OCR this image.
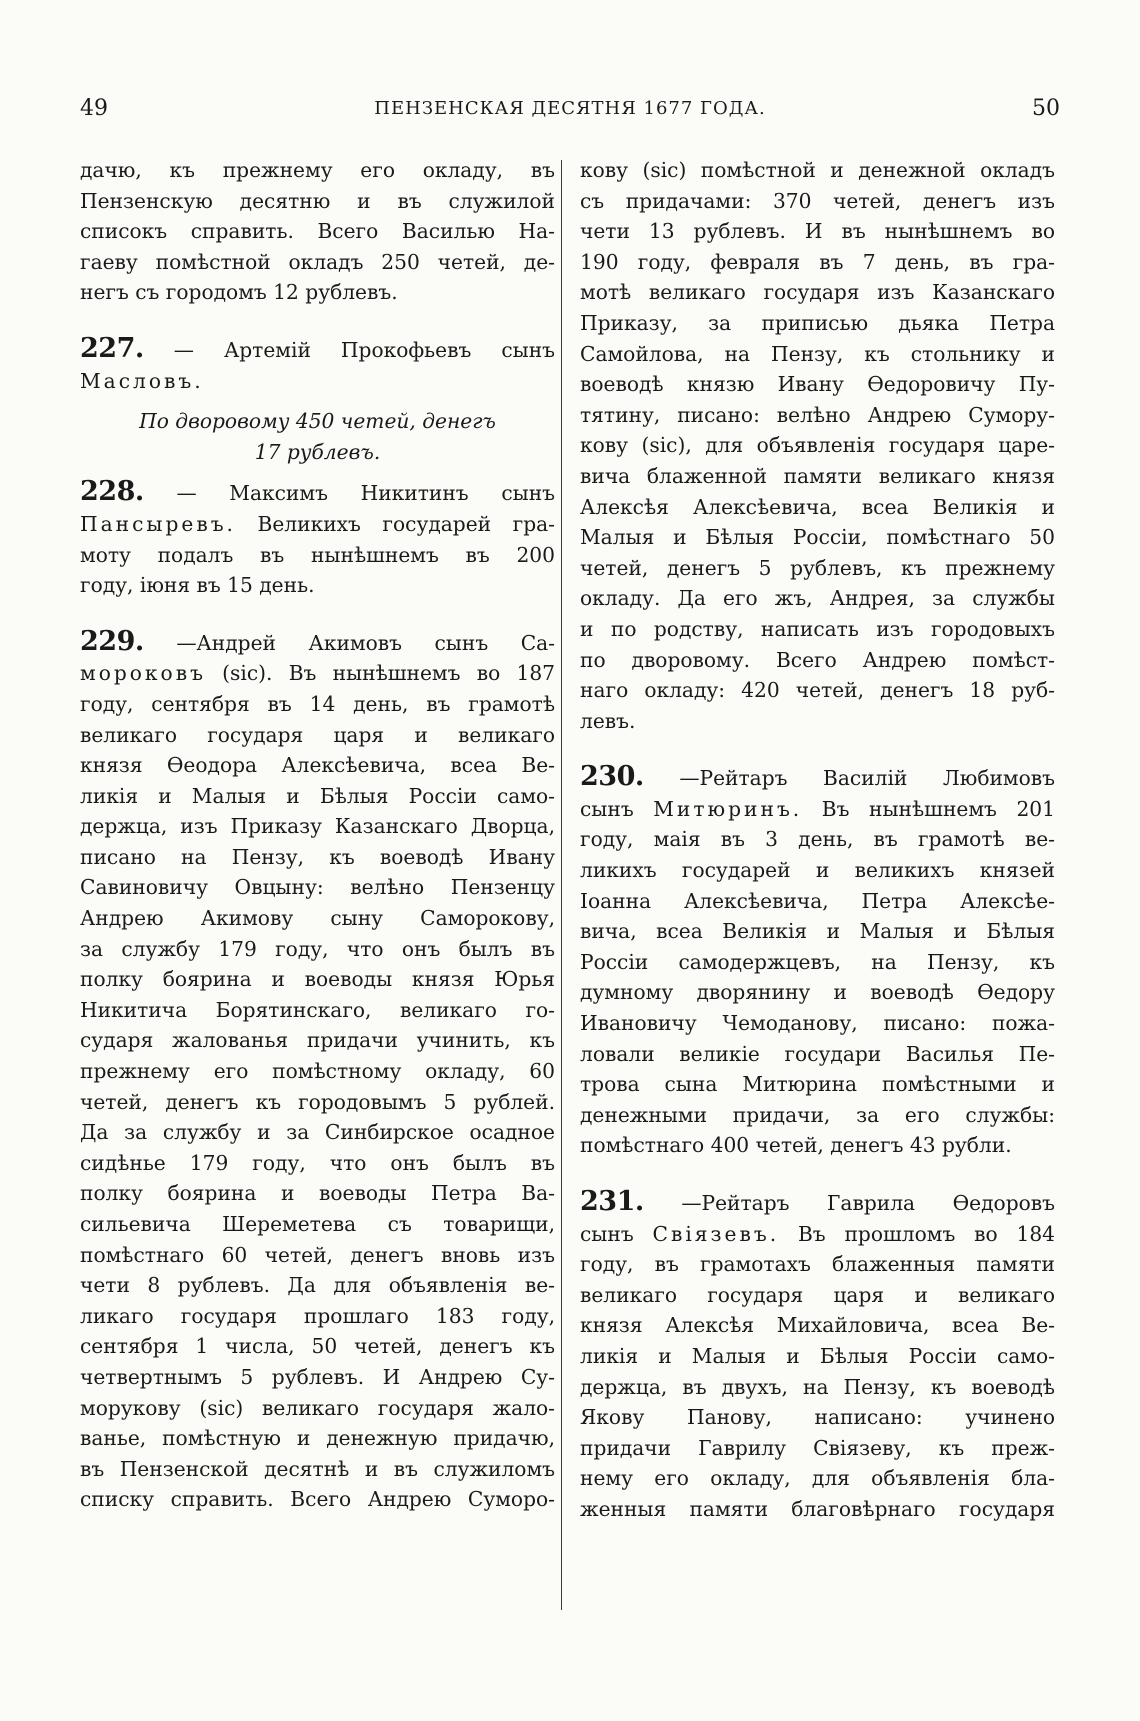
49	ПЕНЗЕНСКАЯ ДЕСЯТНЯ 1677 ГОДА.	50
дачю, къ прежнему его окладу, въ
Пензенскую десятню и въ служилой
списокъ справить. Всего Василью На-
гаеву помѣстной окладъ 250 четей, де-
негъ съ городомъ 12 рублевъ.
227. — Артемій Прокофьевъ сынъ
Масловъ.
По дворовому 450 четей, денегъ
17 рублевъ.
228. — Максимъ Никитинъ сынъ
Панcырeвъ. Великихъ государей гра-
моту подалъ въ нынѣшнемъ въ 200
году, іюня въ 15 день.
229. —Андрей Акимовъ сынъ Са-
мороковъ (sic). Въ нынѣшнемъ во 187
году, сентября въ 14 день, въ грамотѣ
великаго государя царя и великаго
князя Ѳеодора Алексѣевича, всеа Ве-
ликія и Малыя и Бѣлыя Россіи само-
держца, изъ Приказу Казанскаго Дворца,
писано на Пензу, къ воеводѣ Ивану
Савиновичу Овцыну: велѣно Пензенцу
Андрею Акимову сыну Саморокову,
за службу 179 году, что онъ былъ въ
полку боярина и воеводы князя Юрья
Никитича Борятинскаго, великаго го-
сударя жалованья придачи учинить, къ
прежнему его помѣстному окладу, 60
четей, денегъ къ городовымъ 5 рублей.
Да за службу и за Синбирское осадное
сидѣнье 179 году, что онъ былъ въ
полку боярина и воеводы Петра Ва-
сильевича Шереметева съ товарищи,
помѣстнаго 60 четей, денегъ вновь изъ
чети 8 рублевъ. Да для объявленія ве-
ликаго государя прошлаго 183 году,
сентября 1 числа, 50 четей, денегъ къ
четвертнымъ 5 рублевъ. И Андрею Су-
морукову (sic) великаго государя жало-
ванье, помѣстную и денежную придачю,
въ Пензенской десятнѣ и въ служиломъ
списку справить. Всего Андрею Суморо-
кову (sic) помѣстной и денежной окладъ
съ придачами: 370 четей, денегъ изъ
чети 13 рублевъ. И въ нынѣшнемъ во
190 году, февраля въ 7 день, въ гра-
мотѣ великаго государя изъ Казанскаго
Приказу, за приписью дьяка Петра
Самойлова, на Пензу, къ стольнику и
воеводѣ князю Ивану Ѳедоровичу Пу-
тятину, писано: велѣно Андрею Сумору-
кову (sic), для объявленія государя царе-
вича блаженной памяти великаго князя
Алексѣя Алексѣевича, всеа Великія и
Малыя и Бѣлыя Россіи, помѣстнаго 50
четей, денегъ 5 рублевъ, къ прежнему
окладу. Да его жъ, Андрея, за службы
и по родству, написать изъ городовыхъ
по дворовому. Всего Андрею помѣст-
наго окладу: 420 четей, денегъ 18 руб-
левъ.
230. —Рейтаръ Василій Любимовъ
сынъ Митюринъ. Въ нынѣшнемъ 201
году, маія въ 3 день, въ грамотѣ ве-
ликихъ государей и великихъ князей
Іоанна Алексѣевича, Петра Алексѣе-
вича, всеа Великія и Малыя и Бѣлыя
Россіи самодержцевъ, на Пензу, къ
думному дворянину и воеводѣ Ѳедору
Ивановичу Чемоданову, писано: пожа-
ловали великіе государи Василья Пе-
трова сына Митюрина помѣстными и
денежными придачи, за его службы:
помѣстнаго 400 четей, денегъ 43 рубли.
231. —Рейтаръ Гаврила Ѳедоровъ
сынъ Свіязевъ. Въ прошломъ во 184
году, въ грамотахъ блаженныя памяти
великаго государя царя и великаго
князя Алексѣя Михайловича, всеа Ве-
ликія и Малыя и Бѣлыя Россіи само-
держца, въ двухъ, на Пензу, къ воеводѣ
Якову Панову, написано: учинено
придачи Гаврилу Свіязеву, къ преж-
нему его окладу, для объявленія бла-
женныя памяти благовѣрнаго государя
